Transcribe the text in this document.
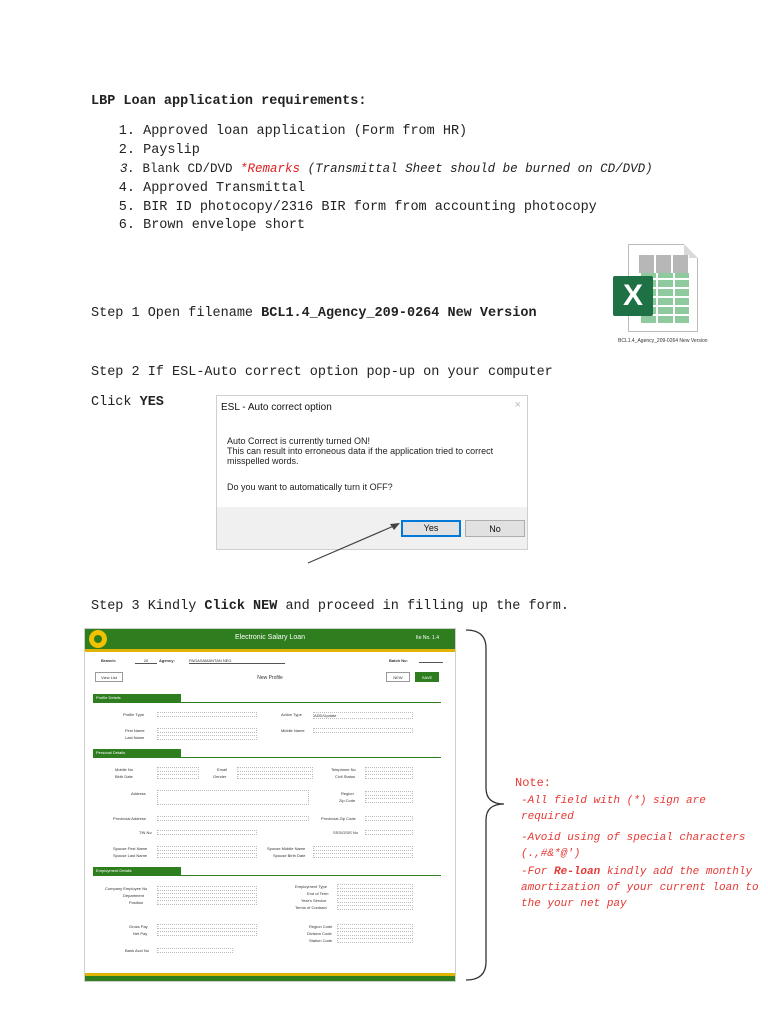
LBP Loan application requirements:
1. Approved loan application (Form from HR)
2. Payslip
3. Blank CD/DVD *Remarks (Transmittal Sheet should be burned on CD/DVD)
4. Approved Transmittal
5. BIR ID photocopy/2316 BIR form from accounting photocopy
6. Brown envelope short
Step 1 Open filename BCL1.4_Agency_209-0264 New Version
X
BCL1.4_Agency_209-0264 New Version
Step 2 If ESL-Auto correct option pop-up on your computer
Click YES	ESL - Auto correct option	×
Auto Correct is currently turned ON!
This can result into erroneous data if the application tried to correct misspelled words.
Do you want to automatically turn it OFF?
Yes	No
Step 3 Kindly Click NEW and proceed in filling up the form.
Electronic Salary Loan	Ite No. 1.4
Branch:	20	Agency:	PAGASAMANTAN NEG	Batch No:
View List	New Profile	NEW	SAVE
Profile Details
Profile Type	Action Type	ADD/Update
First Name
Last Name
Middle Name
Personal Details
Mobile No
Birth Date
Email
Gender
Telephone No
Civil Status
Address	Region
Zip Code
Provincial Address	Provincial Zip Code
TIN No	SSS/GSIS No
Spouse First Name
Spouse Last Name
Spouse Middle Name
Spouse Birth Date
Employment Details
Company Employee No
Department
Position
Employment Type
End of Term
Year's Service
Terms of Contract
Gross Pay
Net Pay
Bank Acct No
Region Code
Division Code
Station Code
Note:
-All field with (*) sign are required
-Avoid using of special characters (.,#&*@')
-For Re-loan kindly add the monthly amortization of your current loan to the your net pay
